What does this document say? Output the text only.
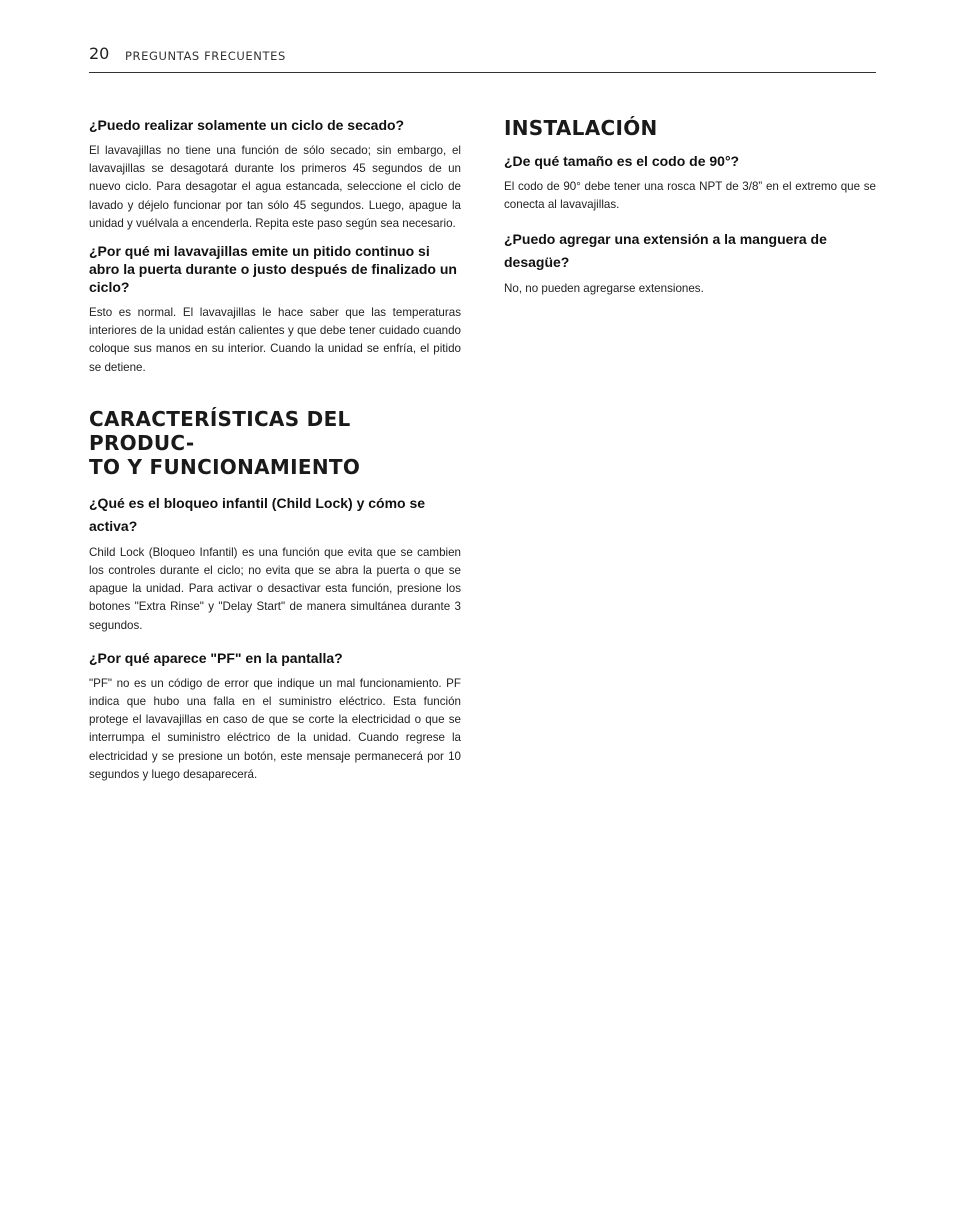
20 PREGUNTAS FRECUENTES

¿Puedo realizar solamente un ciclo de secado?

El lavavajillas no tiene una función de sólo secado; sin embargo, el lavavajillas se desagotará durante los primeros 45 segundos de un nuevo ciclo. Para desagotar el agua estancada, seleccione el ciclo de lavado y déjelo funcionar por tan sólo 45 segundos. Luego, apague la unidad y vuélvala a encenderla. Repita este paso según sea necesario.

¿Por qué mi lavavajillas emite un pitido continuo si abro la puerta durante o justo después de finalizado un ciclo?

Esto es normal. El lavavajillas le hace saber que las temperaturas interiores de la unidad están calientes y que debe tener cuidado cuando coloque sus manos en su interior. Cuando la unidad se enfría, el pitido se detiene.

CARACTERÍSTICAS DEL PRODUC-
TO Y FUNCIONAMIENTO

¿Qué es el bloqueo infantil (Child Lock) y cómo se activa?

Child Lock (Bloqueo Infantil) es una función que evita que se cambien los controles durante el ciclo; no evita que se abra la puerta o que se apague la unidad. Para activar o desactivar esta función, presione los botones "Extra Rinse" y "Delay Start" de manera simultánea durante 3 segundos.

¿Por qué aparece "PF" en la pantalla?

"PF" no es un código de error que indique un mal funcionamiento. PF indica que hubo una falla en el suministro eléctrico. Esta función protege el lavavajillas en caso de que se corte la electricidad o que se interrumpa el suministro eléctrico de la unidad. Cuando regrese la electricidad y se presione un botón, este mensaje permanecerá por 10 segundos y luego desaparecerá.

INSTALACIÓN

¿De qué tamaño es el codo de 90°?

El codo de 90° debe tener una rosca NPT de 3/8” en el extremo que se conecta al lavavajillas.

¿Puedo agregar una extensión a la manguera de desagüe?

No, no pueden agregarse extensiones.
